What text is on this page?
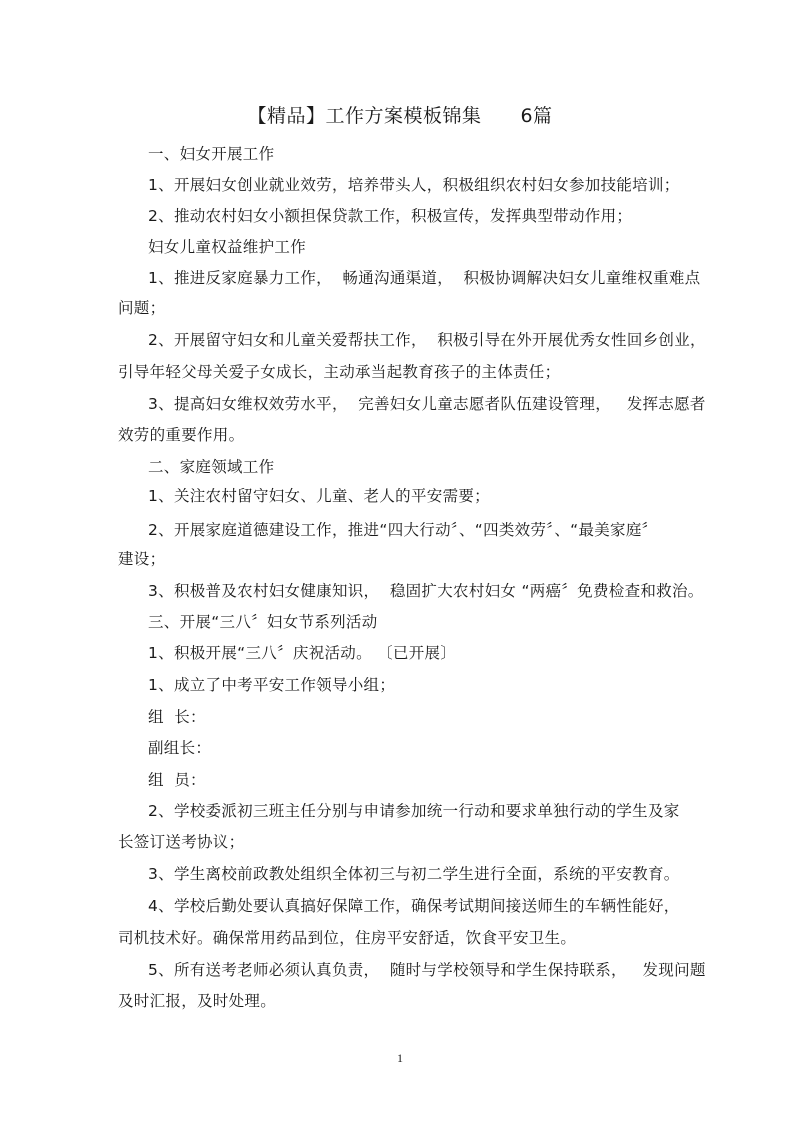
【精品】工作方案模板锦集　　6篇
一、妇女开展工作
1、开展妇女创业就业效劳，培养带头人，积极组织农村妇女参加技能培训；
2、推动农村妇女小额担保贷款工作，积极宣传，发挥典型带动作用；
妇女儿童权益维护工作
1、推进反家庭暴力工作，  畅通沟通渠道，  积极协调解决妇女儿童维权重难点
问题；
2、开展留守妇女和儿童关爱帮扶工作，  积极引导在外开展优秀女性回乡创业，
引导年轻父母关爱子女成长，主动承当起教育孩子的主体责任；
3、提高妇女维权效劳水平，  完善妇女儿童志愿者队伍建设管理，   发挥志愿者
效劳的重要作用。
二、家庭领域工作
1、关注农村留守妇女、儿童、老人的平安需要；
2、开展家庭道德建设工作，推进“四大行动〞、“四类效劳〞、“最美家庭〞
建设；
3、积极普及农村妇女健康知识，  稳固扩大农村妇女 “两癌〞免费检查和救治。
三、开展“三八〞妇女节系列活动
1、积极开展“三八〞庆祝活动。 〔已开展〕
1、成立了中考平安工作领导小组；
组  长：
副组长：
组  员：
2、学校委派初三班主任分别与申请参加统一行动和要求单独行动的学生及家
长签订送考协议；
3、学生离校前政教处组织全体初三与初二学生进行全面，系统的平安教育。
4、学校后勤处要认真搞好保障工作，确保考试期间接送师生的车辆性能好，
司机技术好。确保常用药品到位，住房平安舒适，饮食平安卫生。
5、所有送考老师必须认真负责，  随时与学校领导和学生保持联系，   发现问题
及时汇报，及时处理。
1
